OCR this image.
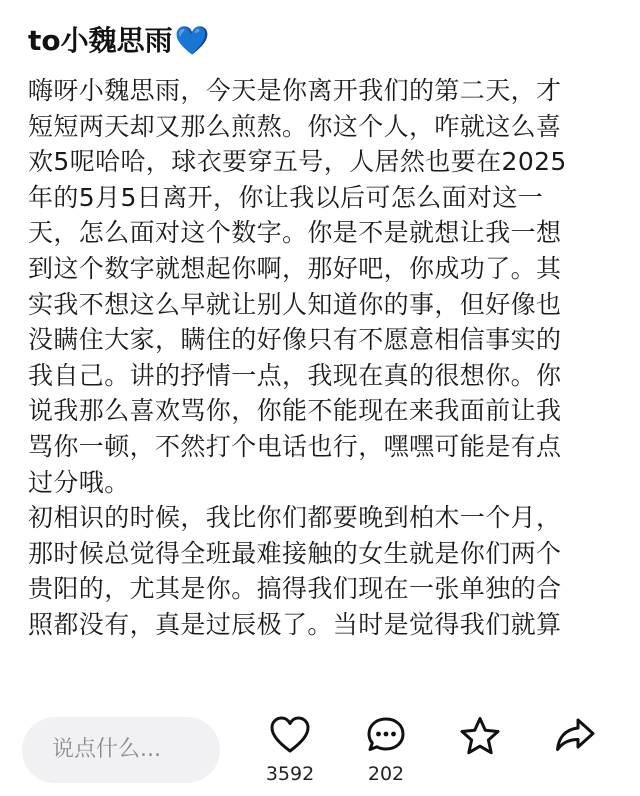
to小魏思雨💙
嗨呀小魏思雨，今天是你离开我们的第二天，才
短短两天却又那么煎熬。你这个人，咋就这么喜
欢5呢哈哈，球衣要穿五号，人居然也要在2025
年的5月5日离开，你让我以后可怎么面对这一
天，怎么面对这个数字。你是不是就想让我一想
到这个数字就想起你啊，那好吧，你成功了。其
实我不想这么早就让别人知道你的事，但好像也
没瞒住大家，瞒住的好像只有不愿意相信事实的
我自己。讲的抒情一点，我现在真的很想你。你
说我那么喜欢骂你，你能不能现在来我面前让我
骂你一顿，不然打个电话也行，嘿嘿可能是有点
过分哦。
初相识的时候，我比你们都要晚到柏木一个月，
那时候总觉得全班最难接触的女生就是你们两个
贵阳的，尤其是你。搞得我们现在一张单独的合
照都没有，真是过辰极了。当时是觉得我们就算
说点什么...
3592	202
